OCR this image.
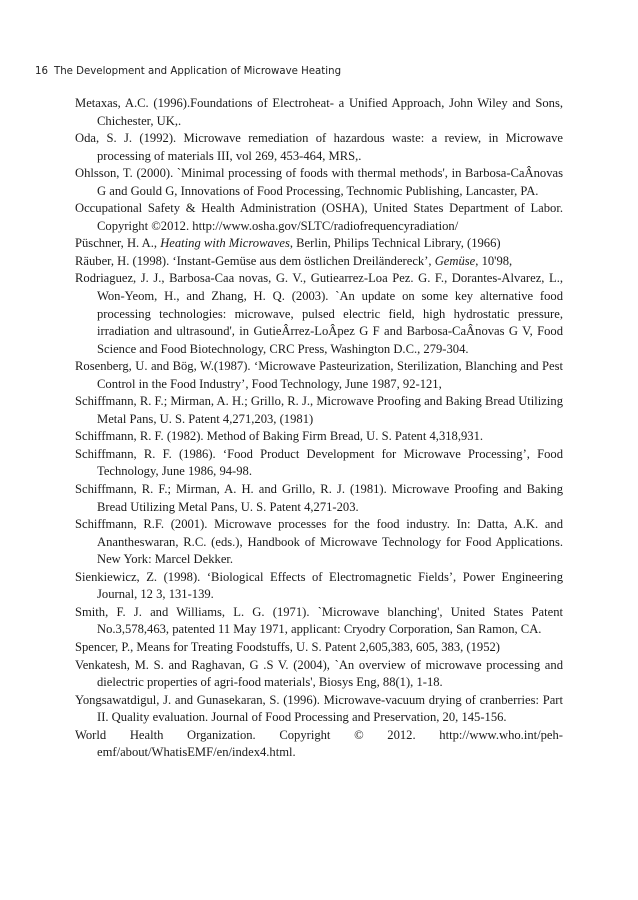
16 The Development and Application of Microwave Heating
Metaxas, A.C. (1996).Foundations of Electroheat- a Unified Approach, John Wiley and Sons, Chichester, UK,.
Oda, S. J. (1992). Microwave remediation of hazardous waste: a review, in Microwave processing of materials III, vol 269, 453-464, MRS,.
Ohlsson, T. (2000). `Minimal processing of foods with thermal methods', in Barbosa-CaÂnovas G and Gould G, Innovations of Food Processing, Technomic Publishing, Lancaster, PA.
Occupational Safety & Health Administration (OSHA), United States Department of Labor. Copyright ©2012. http://www.osha.gov/SLTC/radiofrequencyradiation/
Püschner, H. A., Heating with Microwaves, Berlin, Philips Technical Library, (1966)
Räuber, H. (1998). ‘Instant-Gemüse aus dem östlichen Dreiländereck’, Gemüse, 10'98,
Rodriaguez, J. J., Barbosa-Caa novas, G. V., Gutiearrez-Loa Pez. G. F., Dorantes-Alvarez, L., Won-Yeom, H., and Zhang, H. Q. (2003). `An update on some key alternative food processing technologies: microwave, pulsed electric field, high hydrostatic pressure, irradiation and ultrasound', in GutieÂrrez-LoÂpez G F and Barbosa-CaÂnovas G V, Food Science and Food Biotechnology, CRC Press, Washington D.C., 279-304.
Rosenberg, U. and Bög, W.(1987). ‘Microwave Pasteurization, Sterilization, Blanching and Pest Control in the Food Industry’, Food Technology, June 1987, 92-121,
Schiffmann, R. F.; Mirman, A. H.; Grillo, R. J., Microwave Proofing and Baking Bread Utilizing Metal Pans, U. S. Patent 4,271,203, (1981)
Schiffmann, R. F. (1982). Method of Baking Firm Bread, U. S. Patent 4,318,931.
Schiffmann, R. F. (1986). ‘Food Product Development for Microwave Processing’, Food Technology, June 1986, 94-98.
Schiffmann, R. F.; Mirman, A. H. and Grillo, R. J. (1981). Microwave Proofing and Baking Bread Utilizing Metal Pans, U. S. Patent 4,271-203.
Schiffmann, R.F. (2001). Microwave processes for the food industry. In: Datta, A.K. and Anantheswaran, R.C. (eds.), Handbook of Microwave Technology for Food Applications. New York: Marcel Dekker.
Sienkiewicz, Z. (1998). ‘Biological Effects of Electromagnetic Fields’, Power Engineering Journal, 12 3, 131-139.
Smith, F. J. and Williams, L. G. (1971). `Microwave blanching', United States Patent No.3,578,463, patented 11 May 1971, applicant: Cryodry Corporation, San Ramon, CA.
Spencer, P., Means for Treating Foodstuffs, U. S. Patent 2,605,383, 605, 383, (1952)
Venkatesh, M. S. and Raghavan, G .S V. (2004), `An overview of microwave processing and dielectric properties of agri-food materials', Biosys Eng, 88(1), 1-18.
Yongsawatdigul, J. and Gunasekaran, S. (1996). Microwave-vacuum drying of cranberries: Part II. Quality evaluation. Journal of Food Processing and Preservation, 20, 145-156.
World Health Organization. Copyright © 2012. http://www.who.int/peh-emf/about/WhatisEMF/en/index4.html.
